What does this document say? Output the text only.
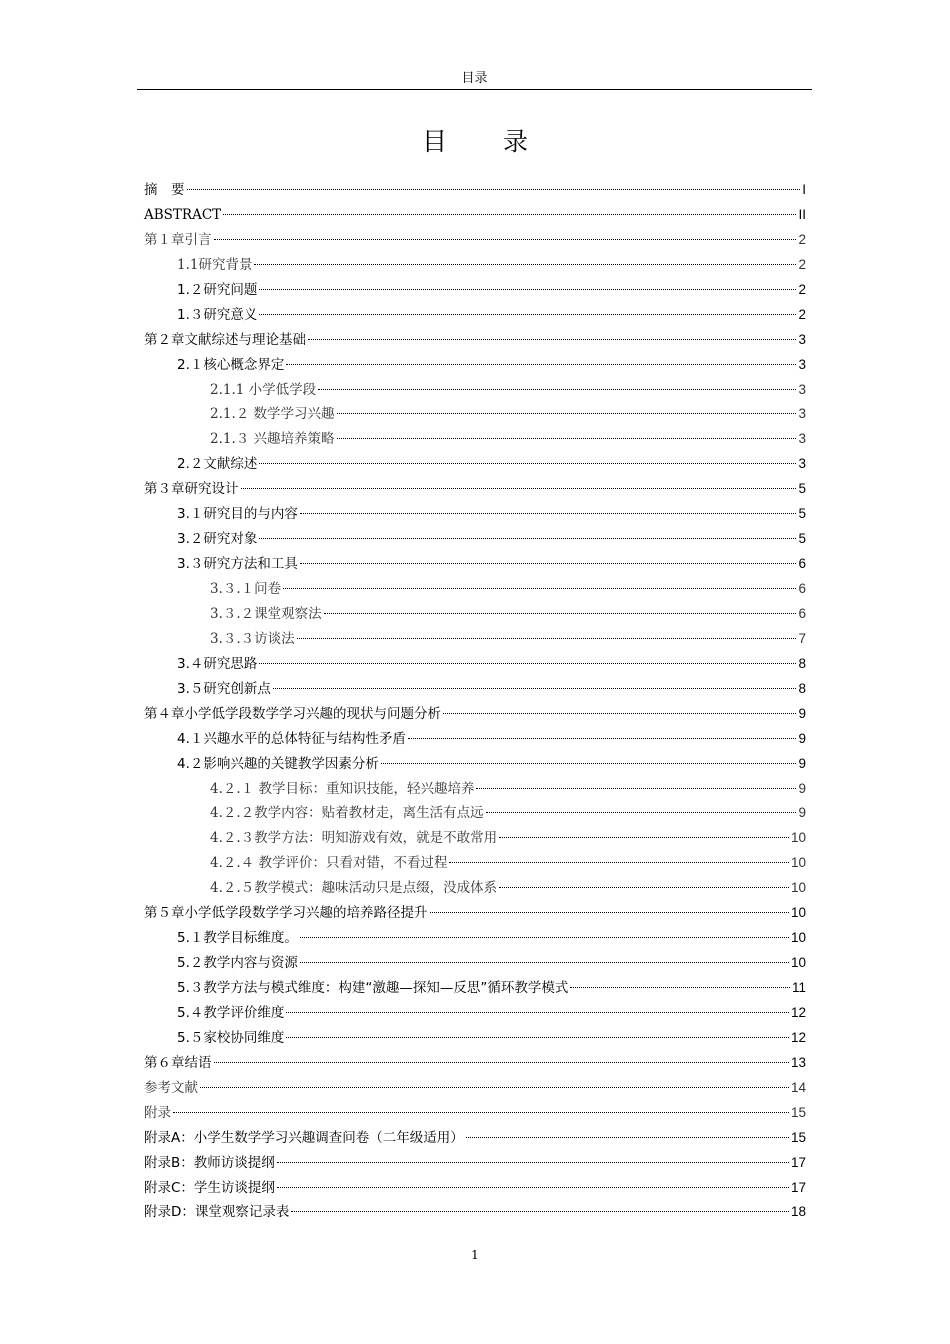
目录
目 录
摘　要	I
ABSTRACT	II
第１章引言	2
1.1研究背景	2
1.２研究问题	2
1.３研究意义	2
第２章文献综述与理论基础	3
2.１核心概念界定	3
2.1.1 小学低学段	3
2.1.２ 数学学习兴趣	3
2.1.３ 兴趣培养策略	3
2.２文献综述	3
第３章研究设计	5
3.１研究目的与内容	5
3.２研究对象	5
3.３研究方法和工具	6
3.３.１问卷	6
3.３.２课堂观察法	6
3.３.３访谈法	7
3.４研究思路	8
3.５研究创新点	8
第４章小学低学段数学学习兴趣的现状与问题分析	9
4.１兴趣水平的总体特征与结构性矛盾	9
4.２影响兴趣的关键教学因素分析	9
4.２.１ 教学目标：重知识技能，轻兴趣培养	9
4.２.２教学内容：贴着教材走，离生活有点远	9
4.２.３教学方法：明知游戏有效，就是不敢常用	10
4.２.４ 教学评价：只看对错，不看过程	10
4.２.５教学模式：趣味活动只是点缀，没成体系	10
第５章小学低学段数学学习兴趣的培养路径提升	10
5.１教学目标维度。	10
5.２教学内容与资源	10
5.３教学方法与模式维度：构建“激趣—探知—反思”循环教学模式	11
5.４教学评价维度	12
5.５家校协同维度	12
第６章结语	13
参考文献	14
附录	15
附录A：小学生数学学习兴趣调查问卷（二年级适用）	15
附录B：教师访谈提纲	17
附录C：学生访谈提纲	17
附录D：课堂观察记录表	18
1
